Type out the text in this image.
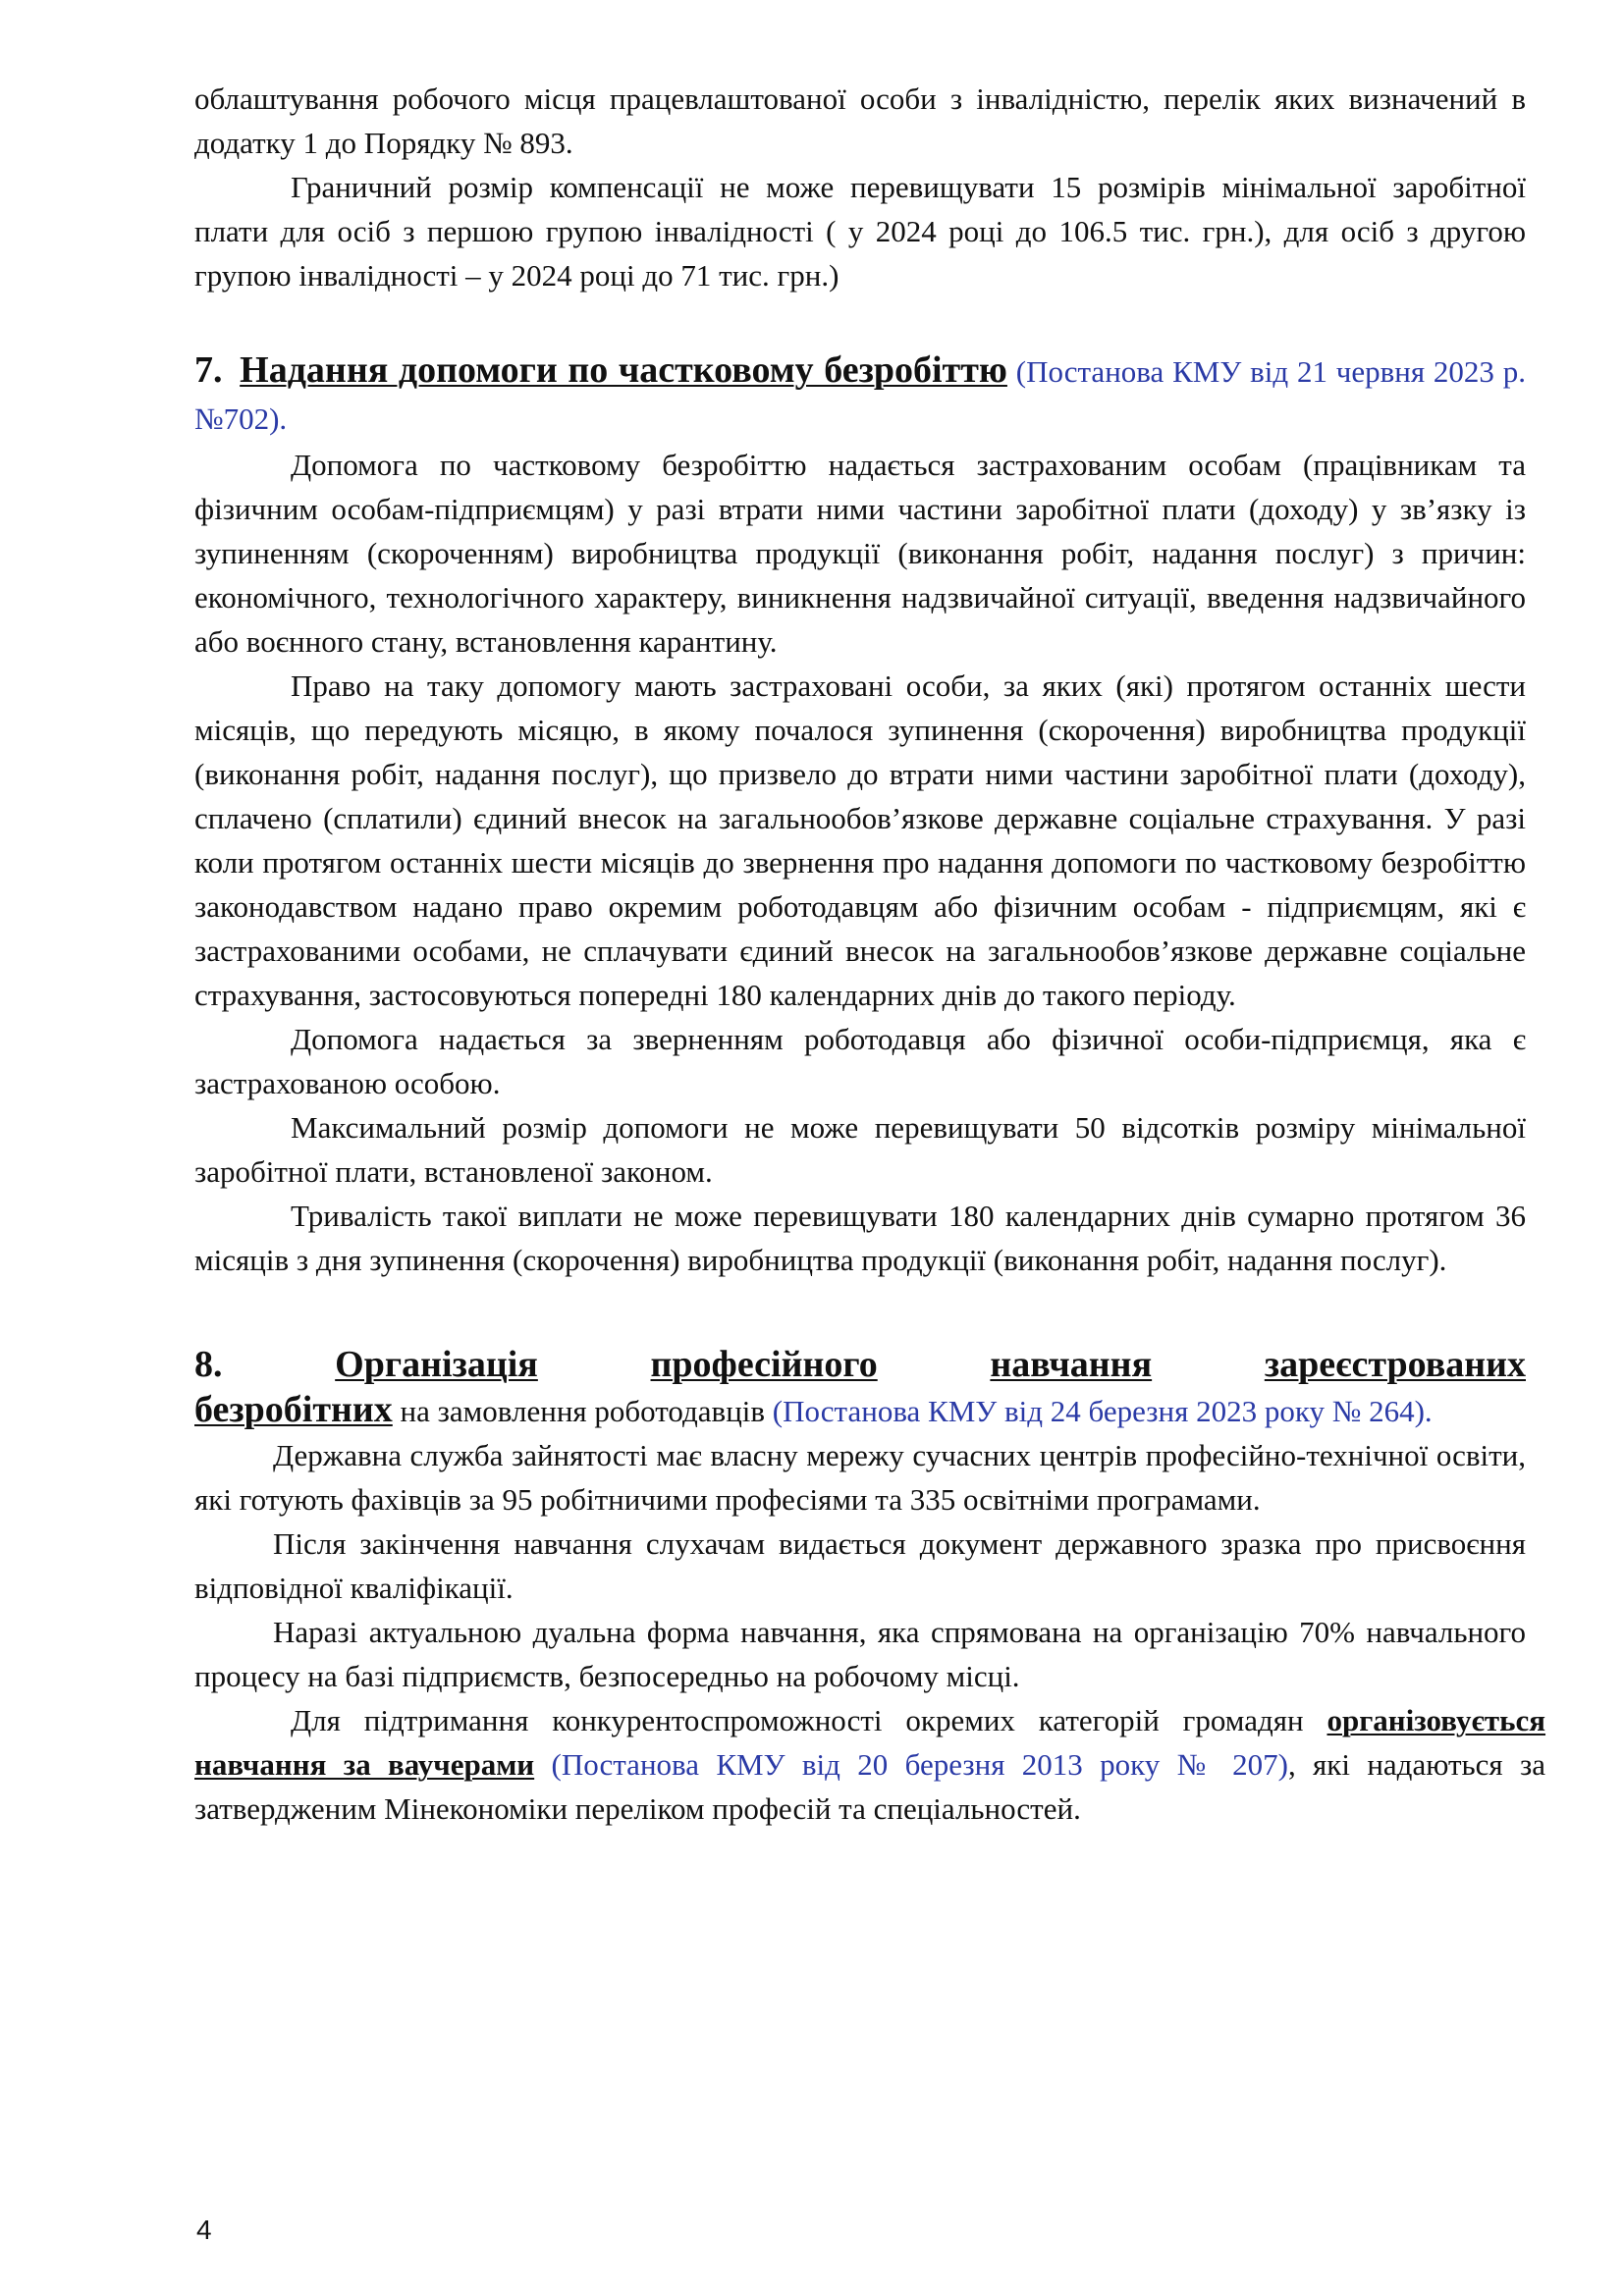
облаштування робочого місця працевлаштованої особи з інвалідністю, перелік яких визначений в додатку 1 до Порядку № 893.

Граничний розмір компенсації не може перевищувати 15 розмірів мінімальної заробітної плати для осіб з першою групою інвалідності ( у 2024 році до 106.5 тис. грн.), для осіб з другою групою інвалідності – у 2024 році до 71 тис. грн.)

7. Надання допомоги по частковому безробіттю (Постанова КМУ від 21 червня 2023 р. №702).

Допомога по частковому безробіттю надається застрахованим особам (працівникам та фізичним особам-підприємцям) у разі втрати ними частини заробітної плати (доходу) у зв’язку із зупиненням (скороченням) виробництва продукції (виконання робіт, надання послуг) з причин: економічного, технологічного характеру, виникнення надзвичайної ситуації, введення надзвичайного або воєнного стану, встановлення карантину.

Право на таку допомогу мають застраховані особи, за яких (які) протягом останніх шести місяців, що передують місяцю, в якому почалося зупинення (скорочення) виробництва продукції (виконання робіт, надання послуг), що призвело до втрати ними частини заробітної плати (доходу), сплачено (сплатили) єдиний внесок на загальнообов’язкове державне соціальне страхування. У разі коли протягом останніх шести місяців до звернення про надання допомоги по частковому безробіттю законодавством надано право окремим роботодавцям або фізичним особам - підприємцям, які є застрахованими особами, не сплачувати єдиний внесок на загальнообов’язкове державне соціальне страхування, застосовуються попередні 180 календарних днів до такого періоду.

Допомога надається за зверненням роботодавця або фізичної особи-підприємця, яка є застрахованою особою.

Максимальний розмір допомоги не може перевищувати 50 відсотків розміру мінімальної заробітної плати, встановленої законом.

Тривалість такої виплати не може перевищувати 180 календарних днів сумарно протягом 36 місяців з дня зупинення (скорочення) виробництва продукції (виконання робіт, надання послуг).

8.	Організація	професійного	навчання	зареєстрованих

безробітних на замовлення роботодавців (Постанова КМУ від 24 березня 2023 року № 264).

Державна служба зайнятості має власну мережу сучасних центрів професійно-технічної освіти, які готують фахівців за 95 робітничими професіями та 335 освітніми програмами.

Після закінчення навчання слухачам видається документ державного зразка про присвоєння відповідної кваліфікації.

Наразі актуальною дуальна форма навчання, яка спрямована на організацію 70% навчального процесу на базі підприємств, безпосередньо на робочому місці.

Для підтримання конкурентоспроможності окремих категорій громадян організовується навчання за ваучерами (Постанова КМУ від 20 березня 2013 року № 207), які надаються за затвердженим Мінекономіки переліком професій та спеціальностей.

4
